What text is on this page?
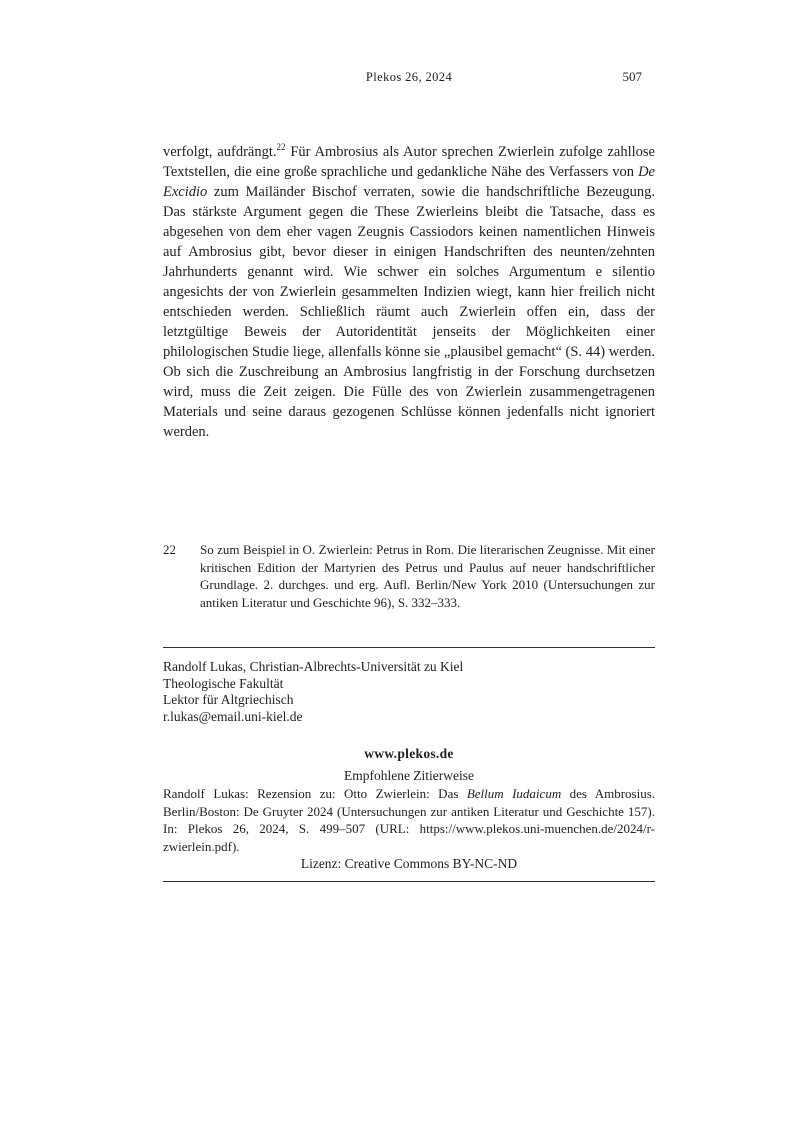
Plekos 26, 2024	507
verfolgt, aufdrängt.$^{22}$ Für Ambrosius als Autor sprechen Zwierlein zufolge zahllose Textstellen, die eine große sprachliche und gedankliche Nähe des Verfassers von De Excidio zum Mailänder Bischof verraten, sowie die handschriftliche Bezeugung. Das stärkste Argument gegen die These Zwierleins bleibt die Tatsache, dass es abgesehen von dem eher vagen Zeugnis Cassiodors keinen namentlichen Hinweis auf Ambrosius gibt, bevor dieser in einigen Handschriften des neunten/zehnten Jahrhunderts genannt wird. Wie schwer ein solches Argumentum e silentio angesichts der von Zwierlein gesammelten Indizien wiegt, kann hier freilich nicht entschieden werden. Schließlich räumt auch Zwierlein offen ein, dass der letztgültige Beweis der Autoridentität jenseits der Möglichkeiten einer philologischen Studie liege, allenfalls könne sie „plausibel gemacht“ (S. 44) werden. Ob sich die Zuschreibung an Ambrosius langfristig in der Forschung durchsetzen wird, muss die Zeit zeigen. Die Fülle des von Zwierlein zusammengetragenen Materials und seine daraus gezogenen Schlüsse können jedenfalls nicht ignoriert werden.
22	So zum Beispiel in O. Zwierlein: Petrus in Rom. Die literarischen Zeugnisse. Mit einer kritischen Edition der Martyrien des Petrus und Paulus auf neuer handschriftlicher Grundlage. 2. durchges. und erg. Aufl. Berlin/New York 2010 (Untersuchungen zur antiken Literatur und Geschichte 96), S. 332–333.
Randolf Lukas, Christian-Albrechts-Universität zu Kiel
Theologische Fakultät
Lektor für Altgriechisch
r.lukas@email.uni-kiel.de
www.plekos.de
Empfohlene Zitierweise
Randolf Lukas: Rezension zu: Otto Zwierlein: Das Bellum Iudaicum des Ambrosius. Berlin/Boston: De Gruyter 2024 (Untersuchungen zur antiken Literatur und Geschichte 157). In: Plekos 26, 2024, S. 499–507 (URL: https://www.plekos.uni-muenchen.de/2024/r-zwierlein.pdf).
Lizenz: Creative Commons BY-NC-ND
